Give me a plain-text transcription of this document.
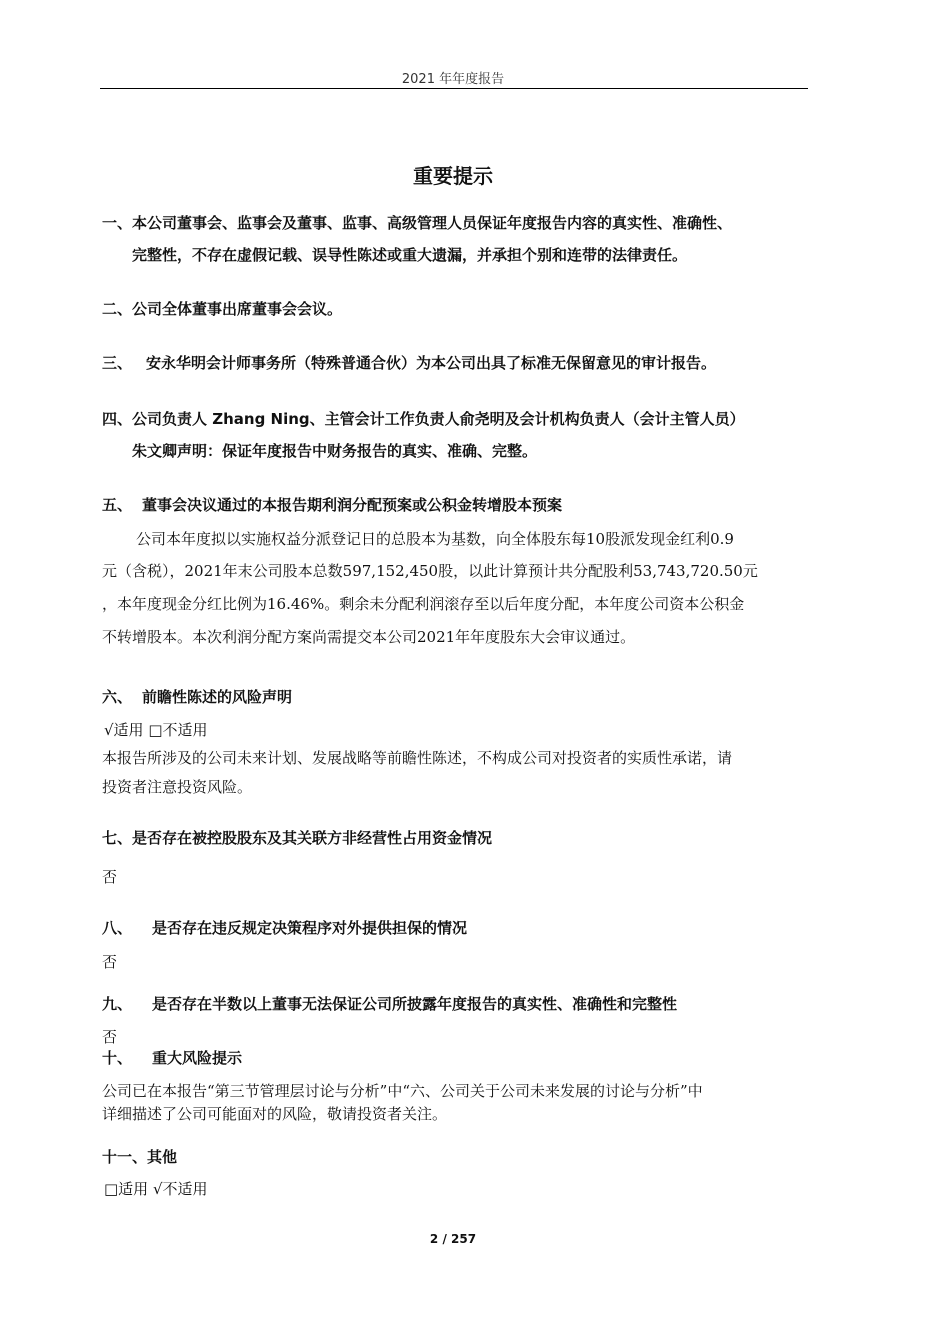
2021 年年度报告
重要提示
一、本公司董事会、监事会及董事、监事、高级管理人员保证年度报告内容的真实性、准确性、
完整性，不存在虚假记载、误导性陈述或重大遗漏，并承担个别和连带的法律责任。
二、公司全体董事出席董事会会议。
三、 安永华明会计师事务所（特殊普通合伙）为本公司出具了标准无保留意见的审计报告。
四、公司负责人 Zhang Ning、主管会计工作负责人俞尧明及会计机构负责人（会计主管人员）
朱文卿声明：保证年度报告中财务报告的真实、准确、完整。
五、 董事会决议通过的本报告期利润分配预案或公积金转增股本预案
公司本年度拟以实施权益分派登记日的总股本为基数，向全体股东每10股派发现金红利0.9
元（含税），2021年末公司股本总数597,152,450股，以此计算预计共分配股利53,743,720.50元
，本年度现金分红比例为16.46%。剩余未分配利润滚存至以后年度分配，本年度公司资本公积金
不转增股本。本次利润分配方案尚需提交本公司2021年年度股东大会审议通过。
六、 前瞻性陈述的风险声明
√适用 □不适用
本报告所涉及的公司未来计划、发展战略等前瞻性陈述，不构成公司对投资者的实质性承诺，请
投资者注意投资风险。
七、是否存在被控股股东及其关联方非经营性占用资金情况
否
八、 是否存在违反规定决策程序对外提供担保的情况
否
九、 是否存在半数以上董事无法保证公司所披露年度报告的真实性、准确性和完整性
否
十、 重大风险提示
公司已在本报告“第三节管理层讨论与分析”中“六、公司关于公司未来发展的讨论与分析”中
详细描述了公司可能面对的风险，敬请投资者关注。
十一、其他
□适用 √不适用
2 / 257
